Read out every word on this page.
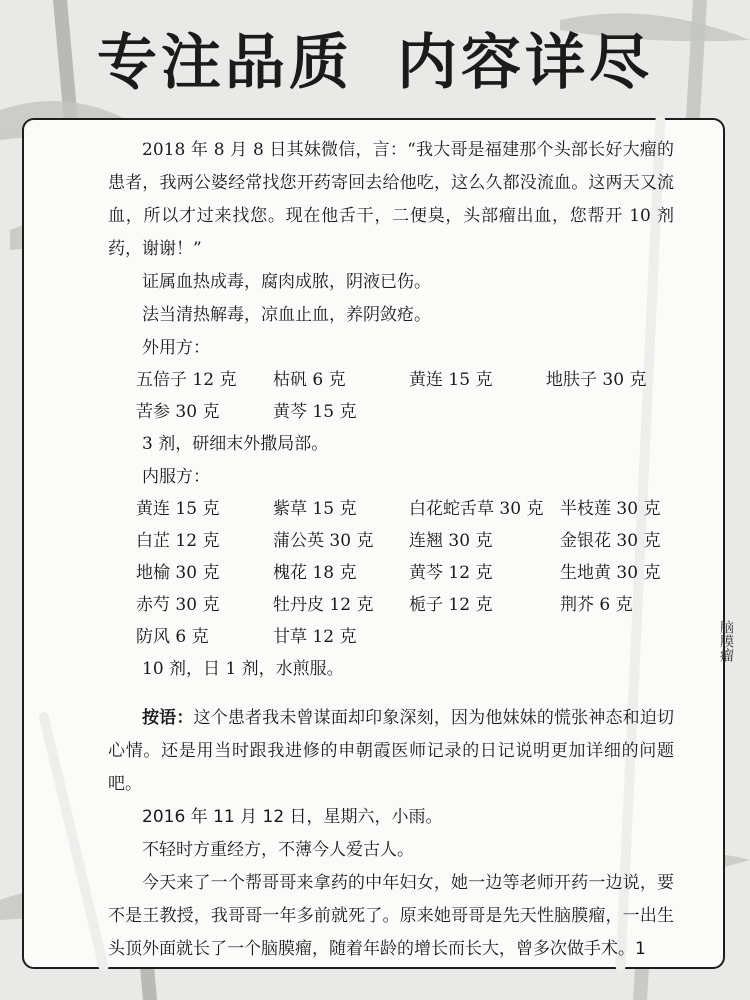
专注品质 内容详尽
2018 年 8 月 8 日其妹微信，言：“我大哥是福建那个头部长好大瘤的患者，我两公婆经常找您开药寄回去给他吃，这么久都没流血。这两天又流血，所以才过来找您。现在他舌干，二便臭，头部瘤出血，您帮开 10 剂药，谢谢！”
证属血热成毒，腐肉成脓，阴液已伤。
法当清热解毒，凉血止血，养阴敛疮。
外用方：
五倍子 12 克 枯矾 6 克	黄连 15 克	地肤子 30 克
苦参 30 克	黄芩 15 克
3 剂，研细末外撒局部。
内服方：
黄连 15 克	紫草 15 克	白花蛇舌草 30 克 半枝莲 30 克
白芷 12 克	蒲公英 30 克 连翘 30 克	金银花 30 克
地榆 30 克	槐花 18 克	黄芩 12 克	生地黄 30 克
赤芍 30 克	牡丹皮 12 克 栀子 12 克	荆芥 6 克
防风 6 克	甘草 12 克
10 剂，日 1 剂，水煎服。
按语：这个患者我未曾谋面却印象深刻，因为他妹妹的慌张神态和迫切心情。还是用当时跟我进修的申朝霞医师记录的日记说明更加详细的问题吧。
2016 年 11 月 12 日，星期六，小雨。
不轻时方重经方，不薄今人爱古人。
今天来了一个帮哥哥来拿药的中年妇女，她一边等老师开药一边说，要不是王教授，我哥哥一年多前就死了。原来她哥哥是先天性脑膜瘤，一出生头顶外面就长了一个脑膜瘤，随着年龄的增长而长大，曾多次做手术。1
脑膜瘤
